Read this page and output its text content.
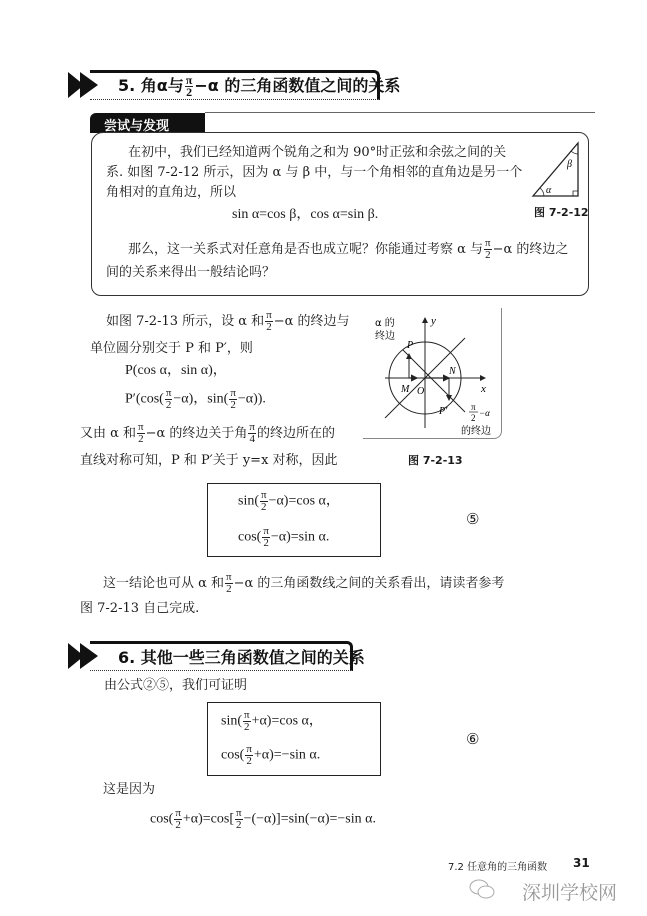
5. 角α与 $\frac{\pi}{2} -\alpha$ 的三角函数值之间的关系
尝试与发现
在初中，我们已经知道两个锐角之和为 90°时正弦和余弦之间的关
系. 如图 7-2-12 所示，因为 α 与 β 中，与一个角相邻的直角边是另一个
角相对的直角边，所以
sin α=cos β，cos α=sin β.
那么，这一关系式对任意角是否也成立呢？你能通过考察 α 与 $\frac{\pi}{2} -\alpha$ 的终边之
间的关系来得出一般结论吗？
α
β
图 7-2-12
如图 7-2-13 所示，设 α 和 $\frac{\pi}{2} -\alpha$ 的终边与
单位圆分别交于 P 和 P′，则
P(cos α，sin α)，
$P'(\cos( \frac{\pi}{2} -\alpha)$，$\sin( \frac{\pi}{2} -\alpha)$).
又由 α 和 $\frac{\pi}{2} -\alpha$ 的终边关于角 $\frac{\pi}{4}$ 的终边所在的
直线对称可知，P 和 P′关于 y=x 对称，因此
α 的
终边
y
x
P
M O
N
P′	π
2 −α
的终边
图 7-2-13
$\sin( \frac{\pi}{2} -\alpha)=\cos$ α，
$\cos( \frac{\pi}{2} -\alpha)=\sin$ α.
⑤
这一结论也可从 α 和 $\frac{\pi}{2} -\alpha$ 的三角函数线之间的关系看出，请读者参考
图 7-2-13 自己完成.
6. 其他一些三角函数值之间的关系
由公式②⑤，我们可证明
$\sin( \frac{\pi}{2} +\alpha)=\cos$ α，
$\cos( \frac{\pi}{2} +\alpha)=-\sin$ α.
⑥
这是因为
$\cos( \frac{\pi}{2} +\alpha)=\cos[ \frac{\pi}{2} -(-\alpha)]=\sin(-\alpha)=-\sin$ α.
7.2 任意角的三角函数 31
深圳学校网
